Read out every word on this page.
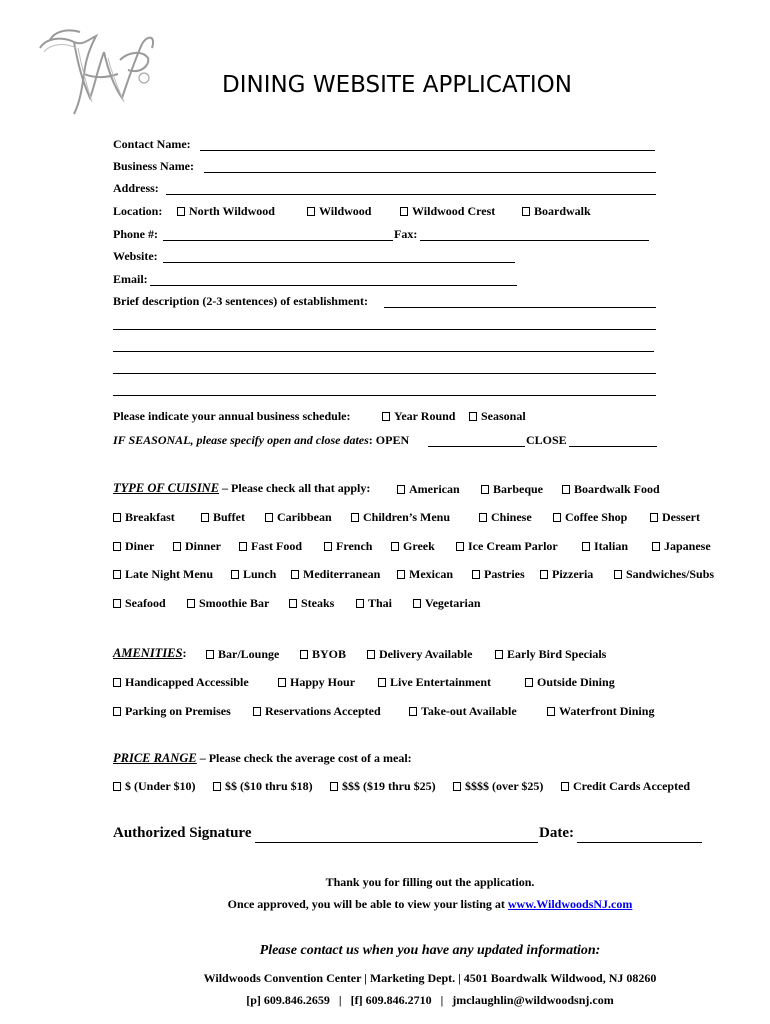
DINING WEBSITE APPLICATION
Contact Name:
Business Name:
Address:
Location:	North Wildwood	Wildwood	Wildwood Crest	Boardwalk
Phone #:	Fax:
Website:
Email:
Brief description (2-3 sentences) of establishment:
Please indicate your annual business schedule:	Year Round	Seasonal
IF SEASONAL, please specify open and close dates: OPEN	CLOSE
TYPE OF CUISINE – Please check all that apply:	American	Barbeque	Boardwalk Food
Breakfast	Buffet	Caribbean	Children’s Menu	Chinese	Coffee Shop	Dessert
Diner	Dinner	Fast Food	French	Greek	Ice Cream Parlor	Italian	Japanese
Late Night Menu	Lunch	Mediterranean	Mexican	Pastries	Pizzeria	Sandwiches/Subs
Seafood	Smoothie Bar	Steaks	Thai	Vegetarian
AMENITIES:	Bar/Lounge	BYOB	Delivery Available	Early Bird Specials
Handicapped Accessible	Happy Hour	Live Entertainment	Outside Dining
Parking on Premises	Reservations Accepted	Take-out Available	Waterfront Dining
PRICE RANGE – Please check the average cost of a meal:
$ (Under $10)	$$ ($10 thru $18)	$$$ ($19 thru $25)	$$$$ (over $25)	Credit Cards Accepted
Authorized Signature	Date:
Thank you for filling out the application.
Once approved, you will be able to view your listing at www.WildwoodsNJ.com
Please contact us when you have any updated information:
Wildwoods Convention Center | Marketing Dept. | 4501 Boardwalk Wildwood, NJ 08260
[p] 609.846.2659   |   [f] 609.846.2710   |   jmclaughlin@wildwoodsnj.com
